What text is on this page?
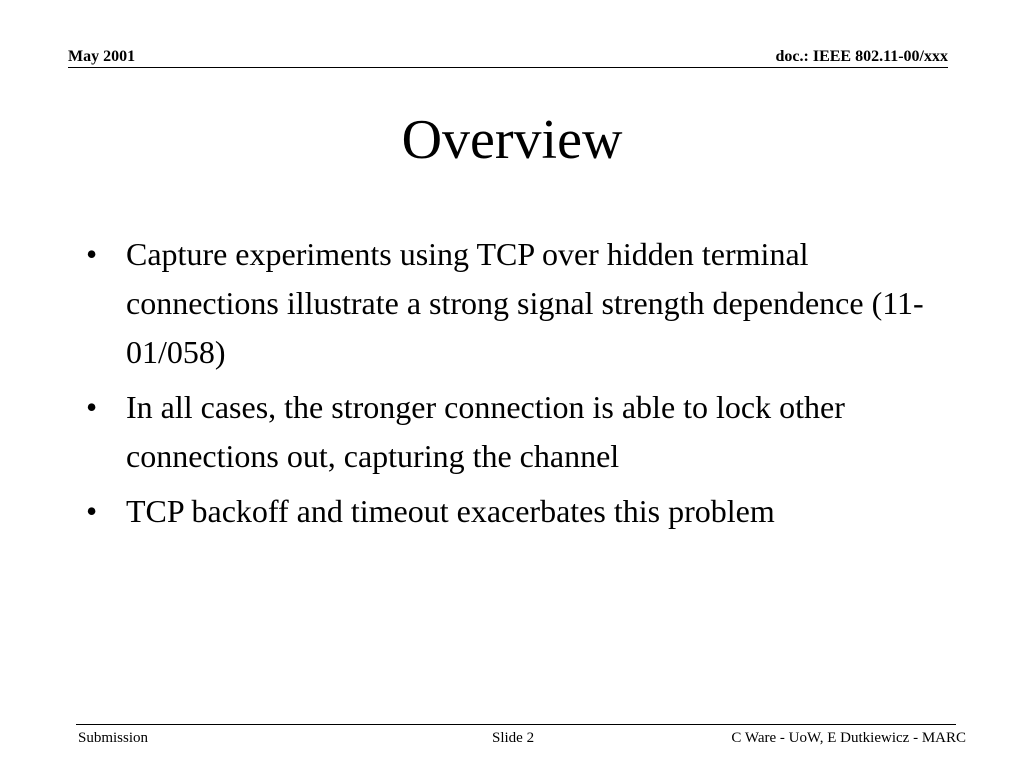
May 2001	doc.: IEEE 802.11-00/xxx
Overview
• Capture experiments using TCP over hidden terminal connections illustrate a strong signal strength dependence (11-01/058)
• In all cases, the stronger connection is able to lock other connections out, capturing the channel
• TCP backoff and timeout exacerbates this problem
Submission	Slide 2	C Ware - UoW, E Dutkiewicz - MARC
